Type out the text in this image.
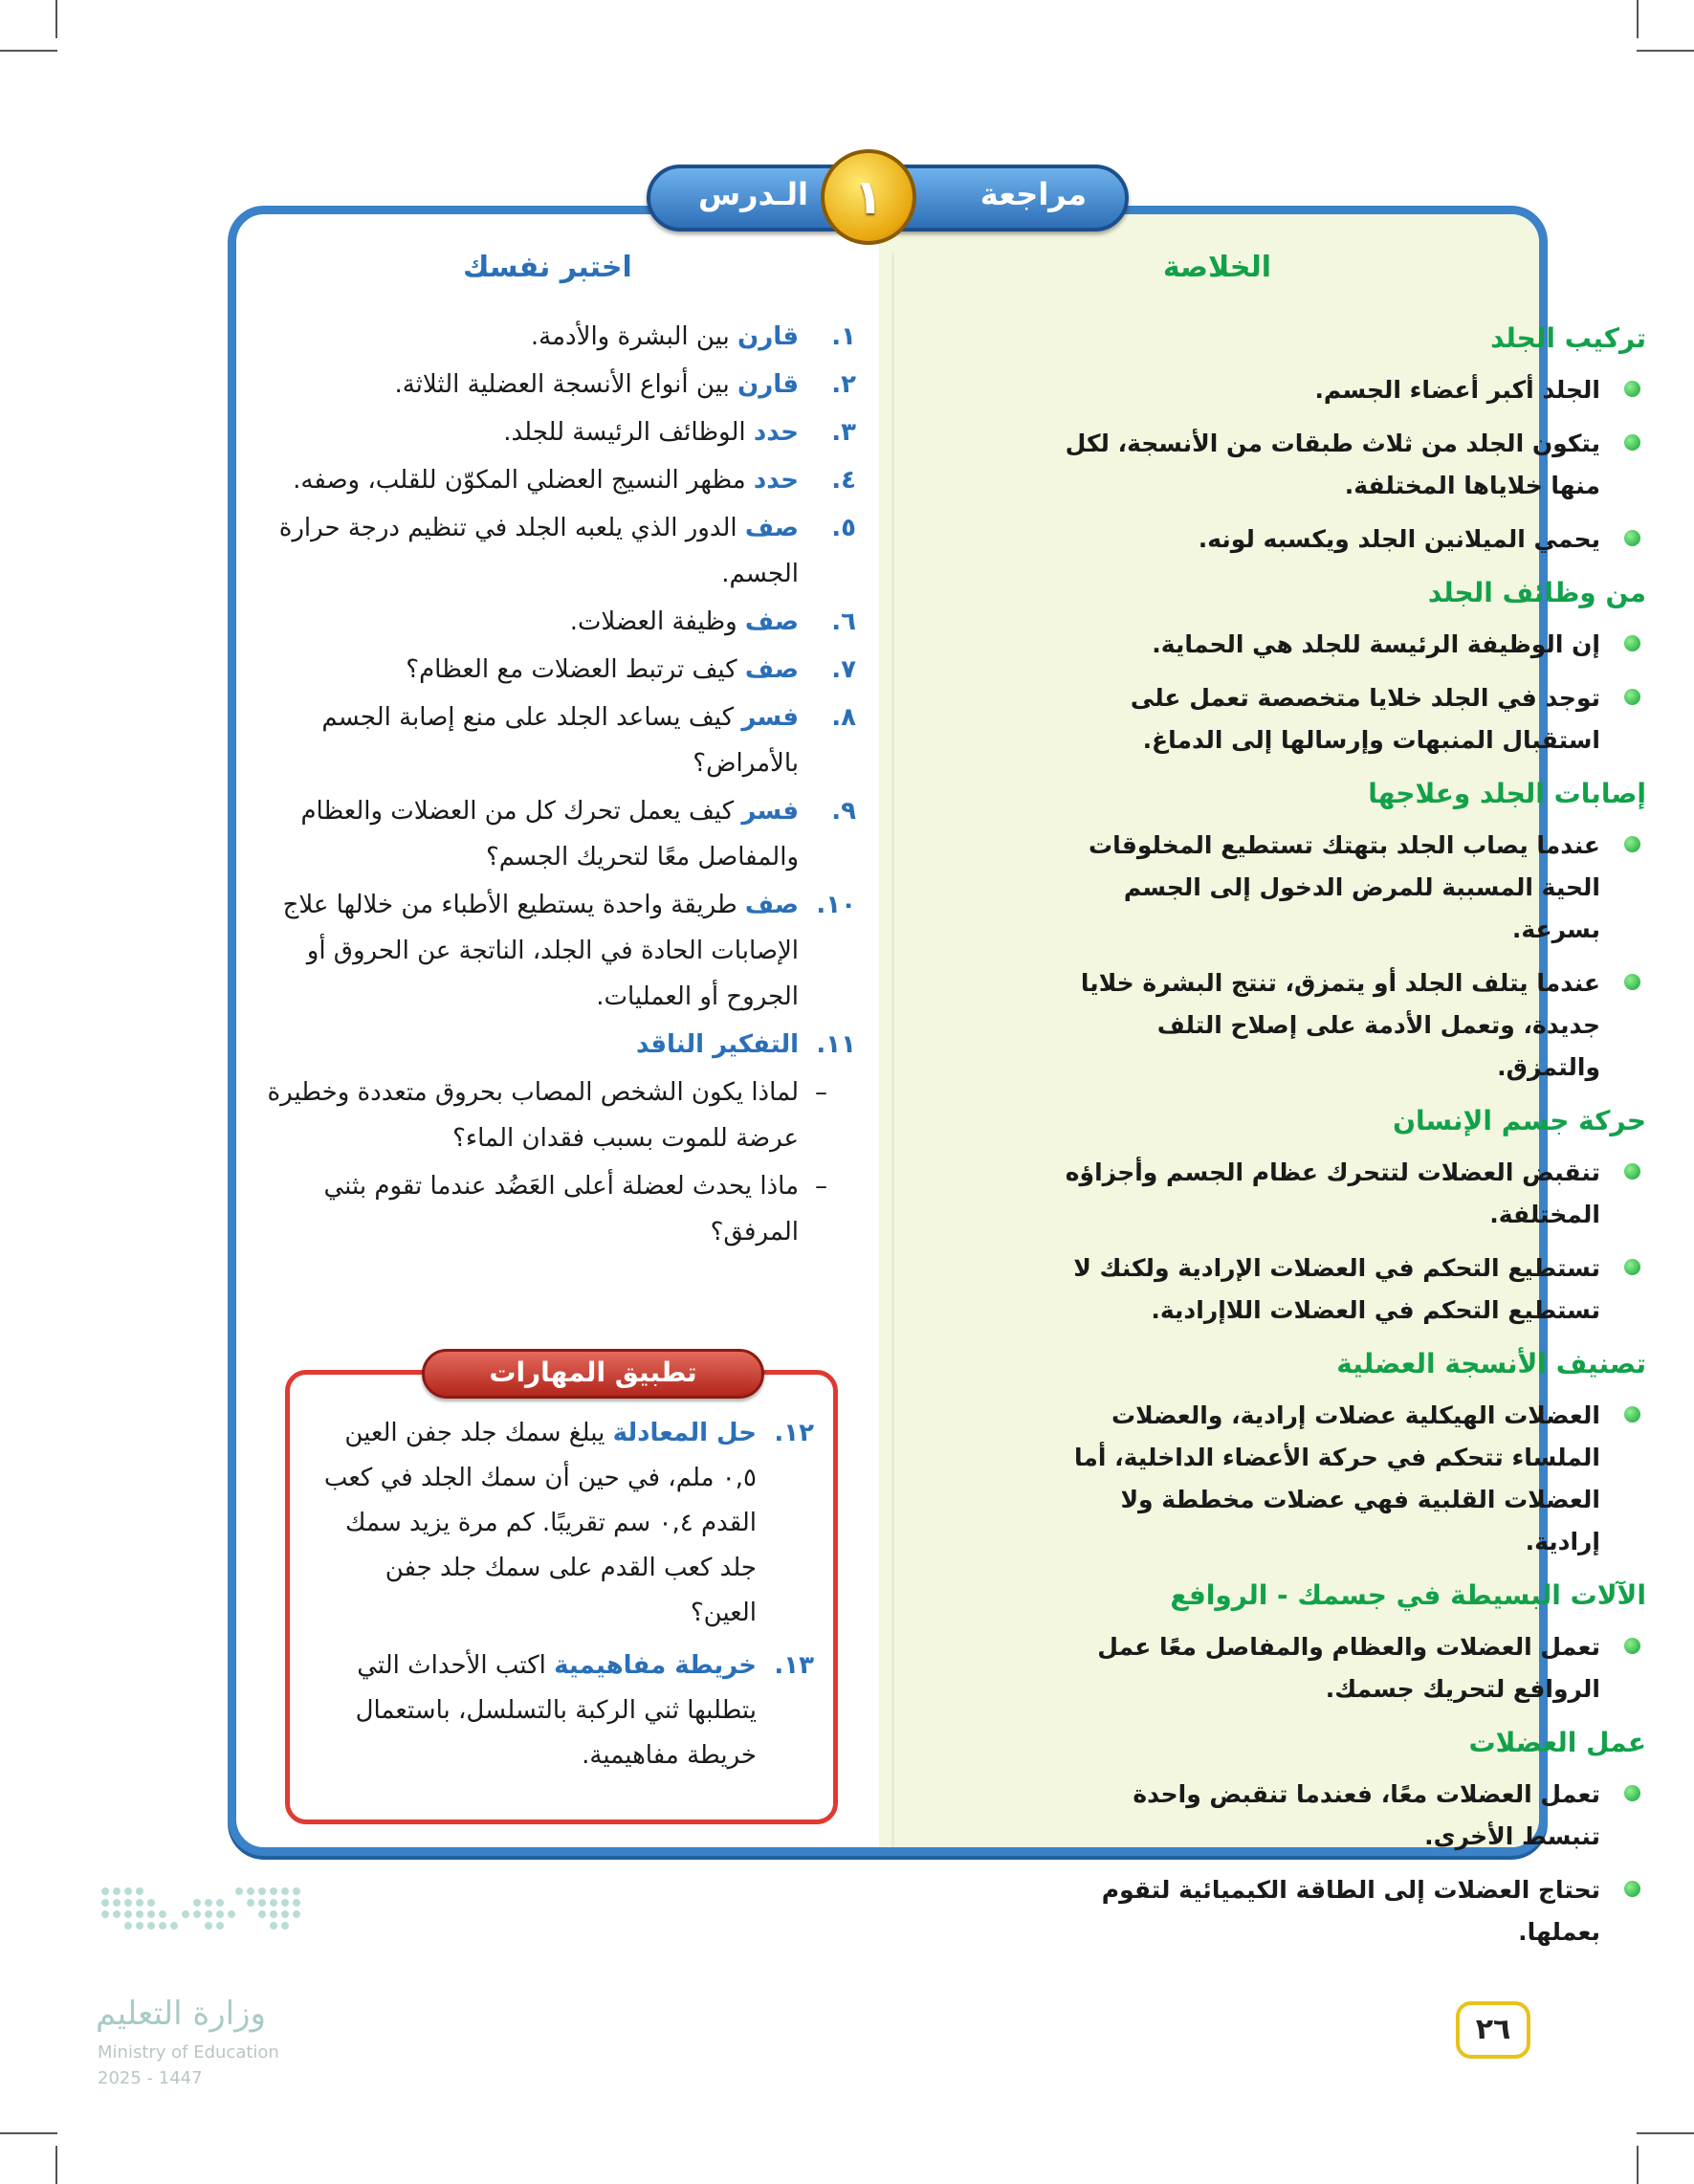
مراجعة
الـدرس ١
الخلاصة
تركيب الجلد
الجلد أكبر أعضاء الجسم.
يتكون الجلد من ثلاث طبقات من الأنسجة، لكل منها خلاياها المختلفة.
يحمي الميلانين الجلد ويكسبه لونه.
من وظائف الجلد
إن الوظيفة الرئيسة للجلد هي الحماية.
توجد في الجلد خلايا متخصصة تعمل على استقبال المنبهات وإرسالها إلى الدماغ.
إصابات الجلد وعلاجها
عندما يصاب الجلد بتهتك تستطيع المخلوقات الحية المسببة للمرض الدخول إلى الجسم بسرعة.
عندما يتلف الجلد أو يتمزق، تنتج البشرة خلايا جديدة، وتعمل الأدمة على إصلاح التلف والتمزق.
حركة جسم الإنسان
تنقبض العضلات لتتحرك عظام الجسم وأجزاؤه المختلفة.
تستطيع التحكم في العضلات الإرادية ولكنك لا تستطيع التحكم في العضلات اللاإرادية.
تصنيف الأنسجة العضلية
العضلات الهيكلية عضلات إرادية، والعضلات الملساء تتحكم في حركة الأعضاء الداخلية، أما العضلات القلبية فهي عضلات مخططة ولا إرادية.
الآلات البسيطة في جسمك - الروافع
تعمل العضلات والعظام والمفاصل معًا عمل الروافع لتحريك جسمك.
عمل العضلات
تعمل العضلات معًا، فعندما تنقبض واحدة تنبسط الأخرى.
تحتاج العضلات إلى الطاقة الكيميائية لتقوم بعملها.
اختبر نفسك
١.
قارن بين البشرة والأدمة.
٢.
قارن بين أنواع الأنسجة العضلية الثلاثة.
٣.
حدد الوظائف الرئيسة للجلد.
٤.
حدد مظهر النسيج العضلي المكوّن للقلب، وصفه.
٥.
صف الدور الذي يلعبه الجلد في تنظيم درجة حرارة الجسم.
٦.
صف وظيفة العضلات.
٧.
صف كيف ترتبط العضلات مع العظام؟
٨.
فسر كيف يساعد الجلد على منع إصابة الجسم بالأمراض؟
٩.
فسر كيف يعمل تحرك كل من العضلات والعظام والمفاصل معًا لتحريك الجسم؟
١٠.
صف طريقة واحدة يستطيع الأطباء من خلالها علاج الإصابات الحادة في الجلد، الناتجة عن الحروق أو الجروح أو العمليات.
١١.
التفكير الناقد
–
لماذا يكون الشخص المصاب بحروق متعددة وخطيرة عرضة للموت بسبب فقدان الماء؟
–
ماذا يحدث لعضلة أعلى العَضُد عندما تقوم بثني المرفق؟
١٢.
حل المعادلة يبلغ سمك جلد جفن العين ٠,٥ ملم، في حين أن سمك الجلد في كعب القدم ٠,٤ سم تقريبًا. كم مرة يزيد سمك جلد كعب القدم على سمك جلد جفن العين؟
١٣.
خريطة مفاهيمية اكتب الأحداث التي يتطلبها ثني الركبة بالتسلسل، باستعمال خريطة مفاهيمية.
تطبيق المهارات
٢٦
وزارة التعليم
Ministry of Education
2025 - 1447
